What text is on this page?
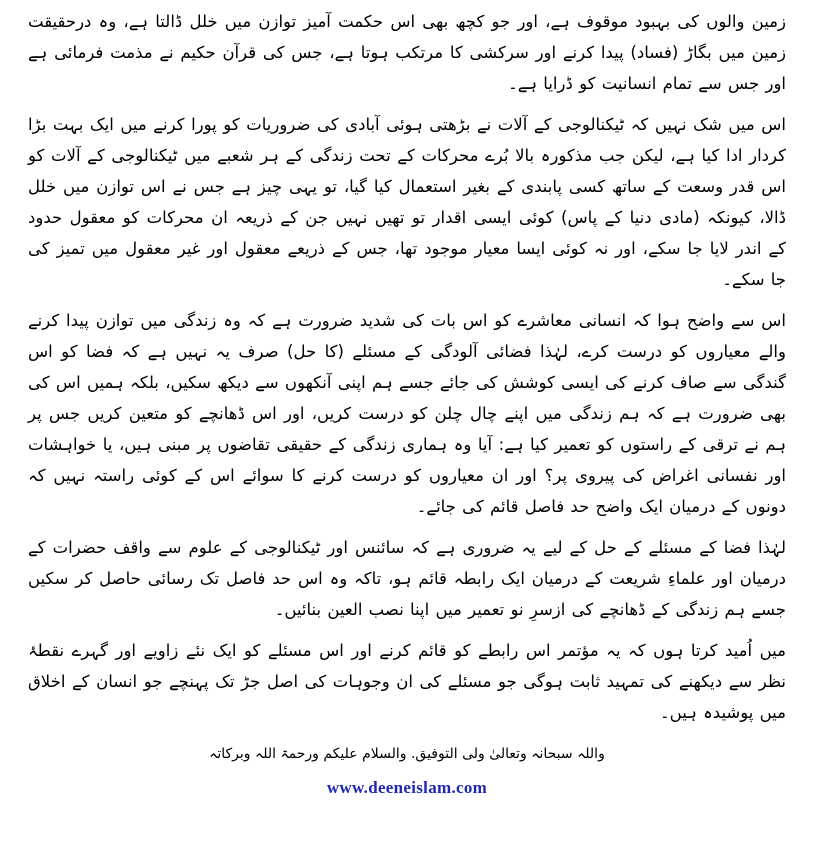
زمین والوں کی بہبود موقوف ہے، اور جو کچھ بھی اس حکمت آمیز توازن میں خلل ڈالتا ہے، وہ درحقیقت زمین میں بگاڑ (فساد) پیدا کرنے اور سرکشی کا مرتکب ہوتا ہے، جس کی قرآن حکیم نے مذمت فرمائی ہے اور جس سے تمام انسانیت کو ڈرایا ہے۔

اس میں شک نہیں کہ ٹیکنالوجی کے آلات نے بڑھتی ہوئی آبادی کی ضروریات کو پورا کرنے میں ایک بہت بڑا کردار ادا کیا ہے، لیکن جب مذکورہ بالا بُرے محرکات کے تحت زندگی کے ہر شعبے میں ٹیکنالوجی کے آلات کو اس قدر وسعت کے ساتھ کسی پابندی کے بغیر استعمال کیا گیا، تو یہی چیز ہے جس نے اس توازن میں خلل ڈالا، کیونکہ (مادی دنیا کے پاس) کوئی ایسی اقدار تو تھیں نہیں جن کے ذریعہ ان محرکات کو معقول حدود کے اندر لایا جا سکے، اور نہ کوئی ایسا معیار موجود تھا، جس کے ذریعے معقول اور غیر معقول میں تمیز کی جا سکے۔

اس سے واضح ہوا کہ انسانی معاشرے کو اس بات کی شدید ضرورت ہے کہ وہ زندگی میں توازن پیدا کرنے والے معیاروں کو درست کرے، لہٰذا فضائی آلودگی کے مسئلے (کا حل) صرف یہ نہیں ہے کہ فضا کو اس گندگی سے صاف کرنے کی ایسی کوشش کی جائے جسے ہم اپنی آنکھوں سے دیکھ سکیں، بلکہ ہمیں اس کی بھی ضرورت ہے کہ ہم زندگی میں اپنے چال چلن کو درست کریں، اور اس ڈھانچے کو متعین کریں جس پر ہم نے ترقی کے راستوں کو تعمیر کیا ہے: آیا وہ ہماری زندگی کے حقیقی تقاضوں پر مبنی ہیں، یا خواہشات اور نفسانی اغراض کی پیروی پر؟ اور ان معیاروں کو درست کرنے کا سوائے اس کے کوئی راستہ نہیں کہ دونوں کے درمیان ایک واضح حد فاصل قائم کی جائے۔

لہٰذا فضا کے مسئلے کے حل کے لیے یہ ضروری ہے کہ سائنس اور ٹیکنالوجی کے علوم سے واقف حضرات کے درمیان اور علماءِ شریعت کے درمیان ایک رابطہ قائم ہو، تاکہ وہ اس حد فاصل تک رسائی حاصل کر سکیں جسے ہم زندگی کے ڈھانچے کی ازسرِ نو تعمیر میں اپنا نصب العین بنائیں۔

میں اُمید کرتا ہوں کہ یہ مؤتمر اس رابطے کو قائم کرنے اور اس مسئلے کو ایک نئے زاویے اور گہرے نقطۂ نظر سے دیکھنے کی تمہید ثابت ہوگی جو مسئلے کی ان وجوہات کی اصل جڑ تک پہنچے جو انسان کے اخلاق میں پوشیدہ ہیں۔

واللہ سبحانہ وتعالیٰ ولی التوفیق. والسلام علیکم ورحمۃ اللہ وبرکاتہ
www.deeneislam.com
